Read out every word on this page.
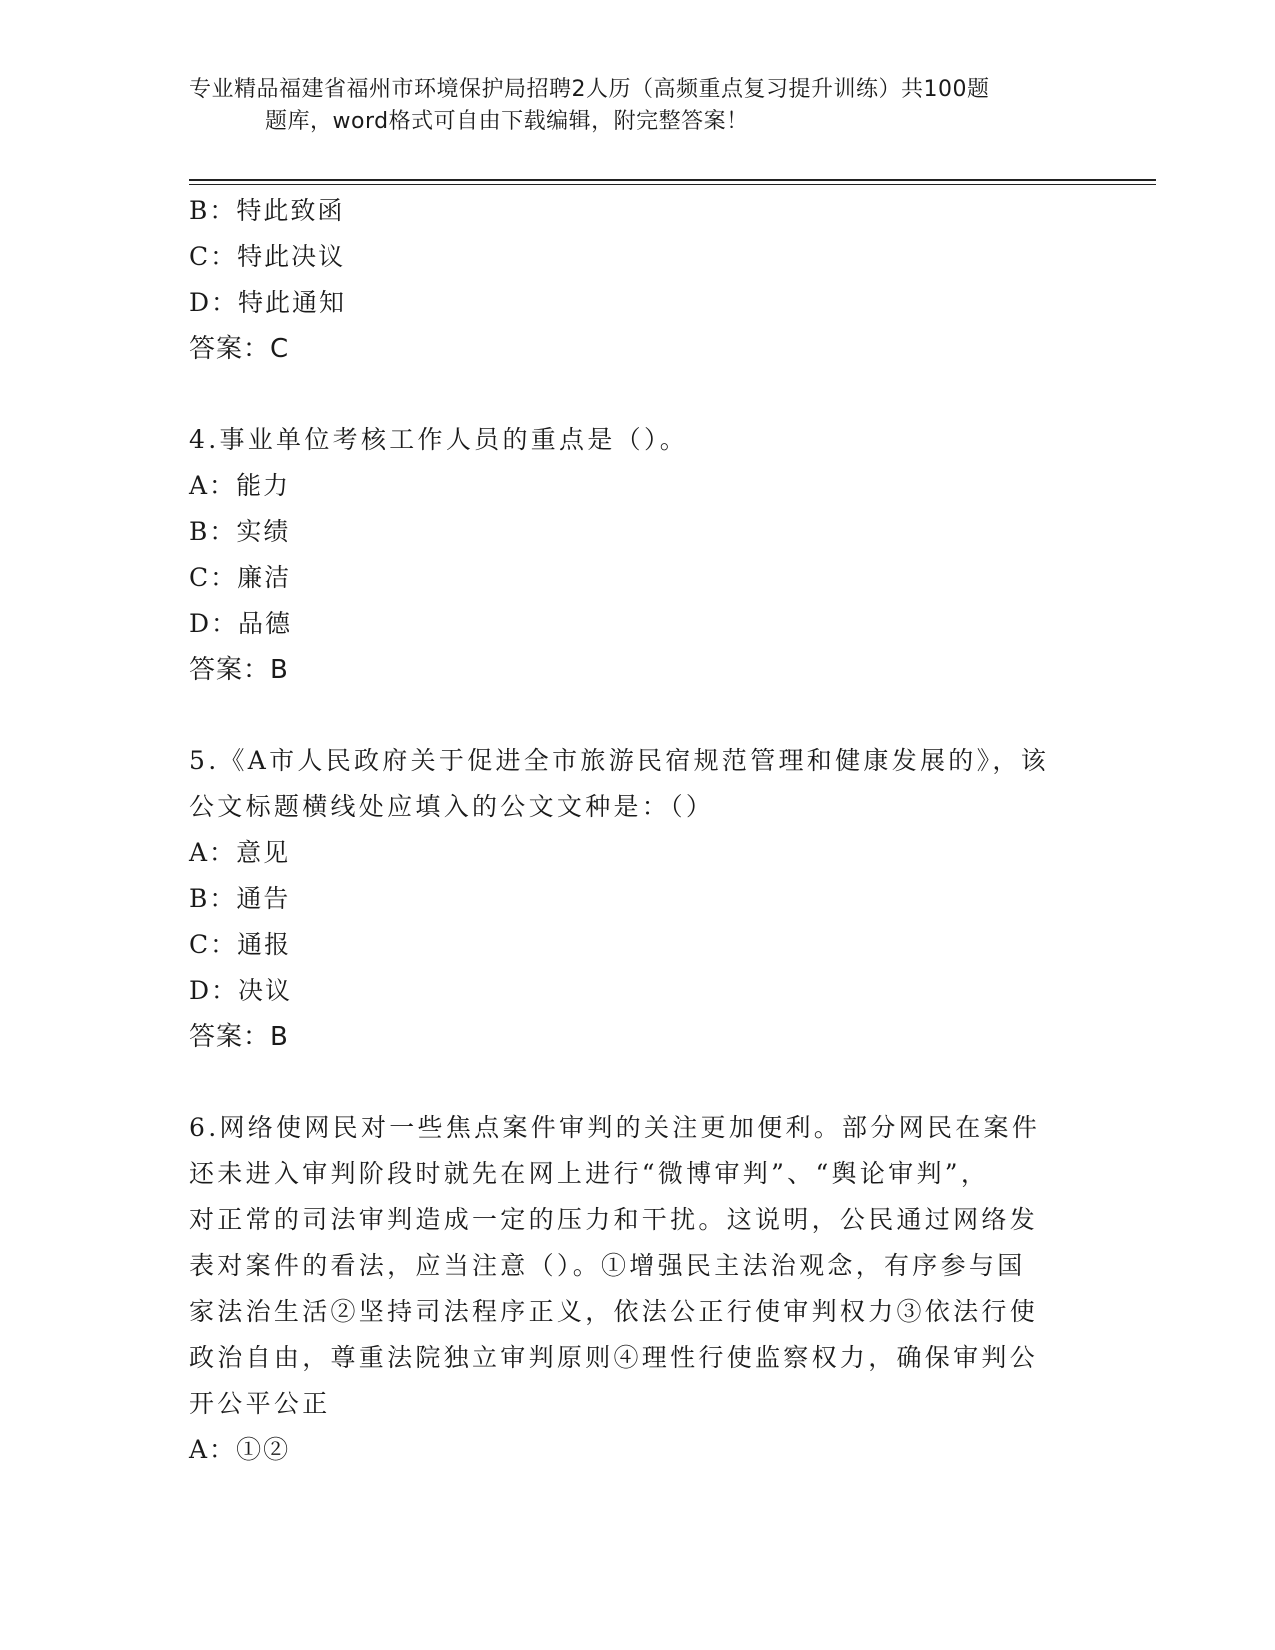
专业精品福建省福州市环境保护局招聘2人历（高频重点复习提升训练）共100题
题库，word格式可自由下载编辑，附完整答案！
B：特此致函
C：特此决议
D：特此通知
答案：C
4.事业单位考核工作人员的重点是（）。
A：能力
B：实绩
C：廉洁
D：品德
答案：B
5.《A市人民政府关于促进全市旅游民宿规范管理和健康发展的》，该
公文标题横线处应填入的公文文种是：（）
A：意见
B：通告
C：通报
D：决议
答案：B
6.网络使网民对一些焦点案件审判的关注更加便利。部分网民在案件
还未进入审判阶段时就先在网上进行“微博审判”、“舆论审判”，
对正常的司法审判造成一定的压力和干扰。这说明，公民通过网络发
表对案件的看法，应当注意（）。①增强民主法治观念，有序参与国
家法治生活②坚持司法程序正义，依法公正行使审判权力③依法行使
政治自由，尊重法院独立审判原则④理性行使监察权力，确保审判公
开公平公正
A：①②
